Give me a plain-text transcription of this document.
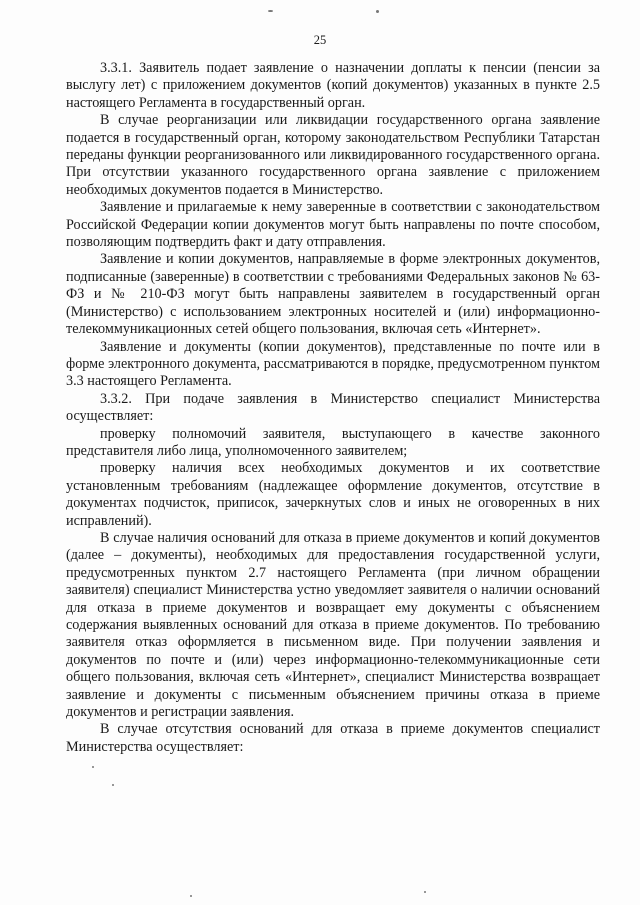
25

3.3.1. Заявитель подает заявление о назначении доплаты к пенсии (пенсии за выслугу лет) с приложением документов (копий документов) указанных в пункте 2.5 настоящего Регламента в государственный орган.

В случае реорганизации или ликвидации государственного органа заявление подается в государственный орган, которому законодательством Республики Татарстан переданы функции реорганизованного или ликвидированного государственного органа. При отсутствии указанного государственного органа заявление с приложением необходимых документов подается в Министерство.

Заявление и прилагаемые к нему заверенные в соответствии с законодательством Российской Федерации копии документов могут быть направлены по почте способом, позволяющим подтвердить факт и дату отправления.

Заявление и копии документов, направляемые в форме электронных документов, подписанные (заверенные) в соответствии с требованиями Федеральных законов № 63-ФЗ и № 210-ФЗ могут быть направлены заявителем в государственный орган (Министерство) с использованием электронных носителей и (или) информационно-телекоммуникационных сетей общего пользования, включая сеть «Интернет».

Заявление и документы (копии документов), представленные по почте или в форме электронного документа, рассматриваются в порядке, предусмотренном пунктом 3.3 настоящего Регламента.

3.3.2. При подаче заявления в Министерство специалист Министерства осуществляет:

проверку полномочий заявителя, выступающего в качестве законного представителя либо лица, уполномоченного заявителем;

проверку наличия всех необходимых документов и их соответствие установленным требованиям (надлежащее оформление документов, отсутствие в документах подчисток, приписок, зачеркнутых слов и иных не оговоренных в них исправлений).

В случае наличия оснований для отказа в приеме документов и копий документов (далее – документы), необходимых для предоставления государственной услуги, предусмотренных пунктом 2.7 настоящего Регламента (при личном обращении заявителя) специалист Министерства устно уведомляет заявителя о наличии оснований для отказа в приеме документов и возвращает ему документы с объяснением содержания выявленных оснований для отказа в приеме документов. По требованию заявителя отказ оформляется в письменном виде. При получении заявления и документов по почте и (или) через информационно-телекоммуникационные сети общего пользования, включая сеть «Интернет», специалист Министерства возвращает заявление и документы с письменным объяснением причины отказа в приеме документов и регистрации заявления.

В случае отсутствия оснований для отказа в приеме документов специалист Министерства осуществляет:
